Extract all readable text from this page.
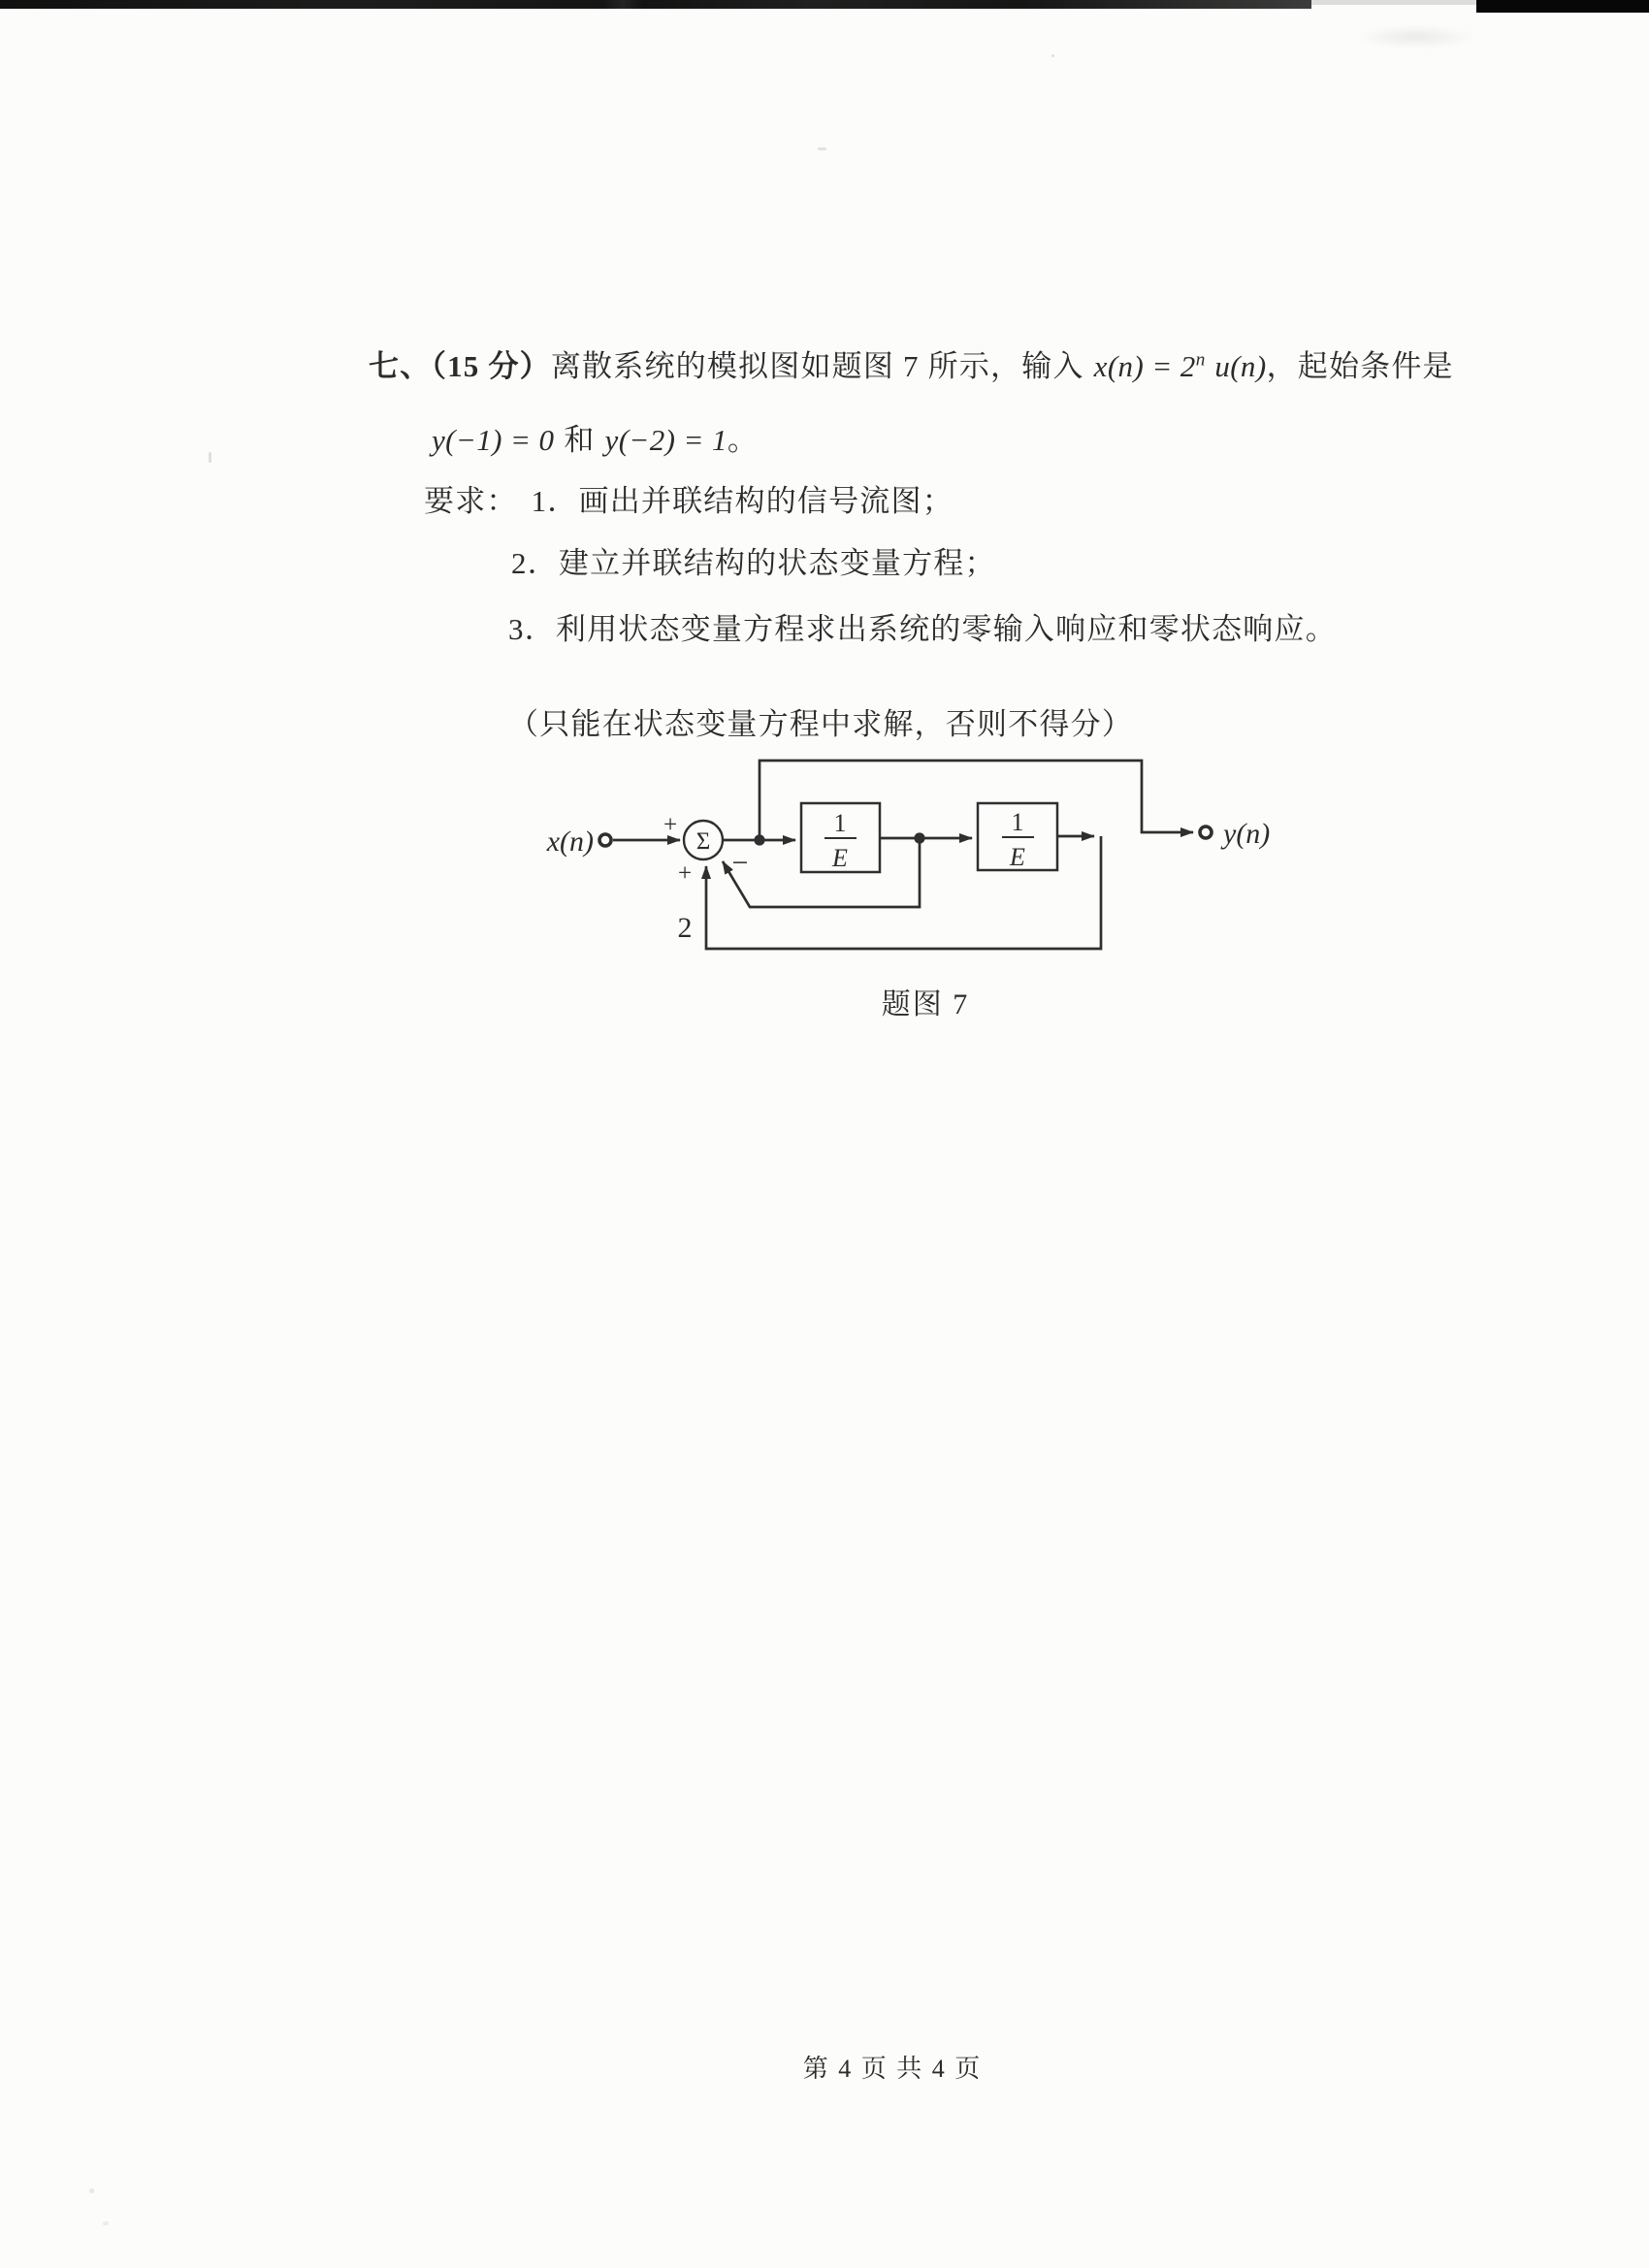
七、（15 分）离散系统的模拟图如题图 7 所示，输入 $x(n) = 2^n$ u(n)，起始条件是
y(−1) = 0 和 y(−2) = 1。
要求： 1．画出并联结构的信号流图；
2．建立并联结构的状态变量方程；
3．利用状态变量方程求出系统的零输入响应和零状态响应。
（只能在状态变量方程中求解，否则不得分）
Σ
1
E
1
E
+
+ −
2
x(n)	y(n)
题图 7
第 4 页 共 4 页
